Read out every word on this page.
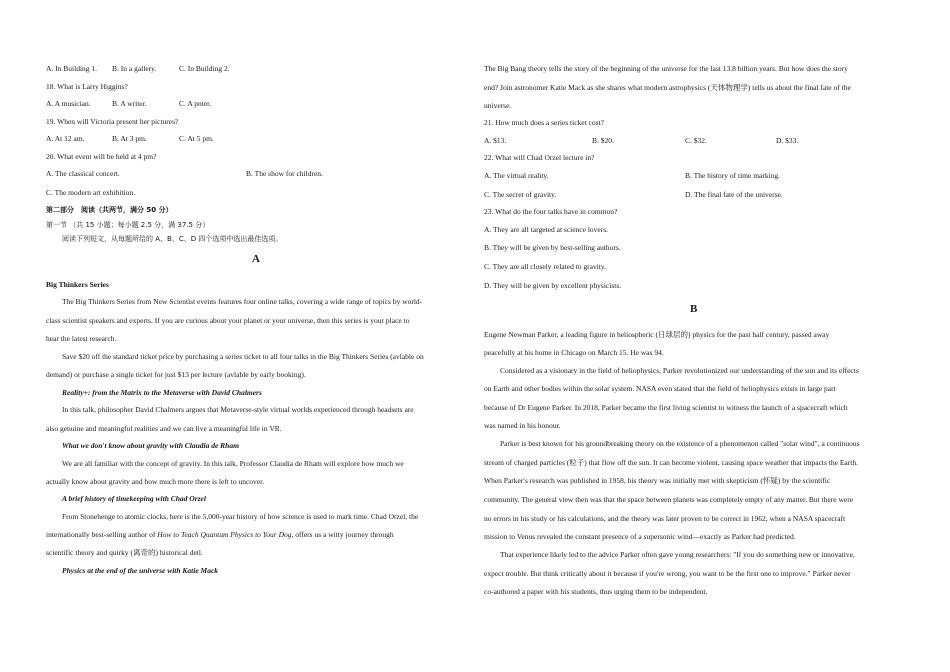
A. In Building 1. B. In a gallery.	C. In Building 2.
18. What is Larry Higgins?
A. A musician.	B. A writer.	C. A pnter.
19. When will Victoria present her pictures?
A. At 12 am.	B. At 3 pm.	C. At 5 pm.
20. What event will be held at 4 pm?
A. The classical concert.	B. The show for children.
C. The modern art exhibition.
第二部分　阅读（共两节，满分 50 分）
第一节 （共 15 小题；每小题 2.5 分，满 37.5 分）
阅读下列短文，从每题所给的 A、B、C、D 四个选项中选出最佳选项。
A
Big Thinkers Series
The Big Thinkers Series from New Scientist events features four online talks, covering a wide range of topics by world-
class scientist speakers and experts. If you are curious about your planet or your universe, then this series is your place to
hear the latest research.
Save $20 off the standard ticket price by purchasing a series ticket to all four talks in the Big Thinkers Series (avlable on
demand) or purchase a single ticket for just $13 per lecture (avlable by early booking).
Reality+: from the Matrix to the Metaverse with David Chalmers
In this talk, philosopher David Chalmers argues that Metaverse-style virtual worlds experienced through headsets are
also genuine and meaningful realities and we can live a meaningful life in VR.
What we don′t know about gravity with Claudia de Rham
We are all familiar with the concept of gravity. In this talk, Professor Claudia de Rham will explore how much we
actually know about gravity and how much more there is left to uncover.
A brief history of timekeeping with Chad Orzel
From Stonehenge to atomic clocks, here is the 5,000-year history of how science is used to mark time. Chad Orzel, the
internationally best-selling author of How to Teach Quantum Physics to Your Dog, offers us a witty journey through
scientific theory and quirky (离奇的) historical detl.
Physics at the end of the universe with Katie Mack
The Big Bang theory tells the story of the beginning of the universe for the last 13.8 billion years. But how does the story
end? Join astronomer Katie Mack as she shares what modern astrophysics (天体物理学) tells us about the final fate of the
universe.
21. How much does a series ticket cost?
A. $13.	B. $20.	C. $32.	D. $33.
22. What will Chad Orzel lecture in?
A. The virtual reality.	B. The history of time marking.
C. The secret of gravity.	D. The final fate of the universe.
23. What do the four talks have in common?
A. They are all targeted at science lovers.
B. They will be given by best-selling authors.
C. They are all closely related to gravity.
D. They will be given by excellent physicists.
B
Eugene Newman Parker, a leading figure in heliospheric (日球层的) physics for the past half century, passed away
peacefully at his home in Chicago on March 15. He was 94.
Considered as a visionary in the field of heliophysics, Parker revolutionized our understanding of the sun and its effects
on Earth and other bodies within the solar system. NASA even stated that the field of heliophysics exists in large part
because of Dr Eugene Parker. In 2018, Parker became the first living scientist to witness the launch of a spacecraft which
was named in his honour.
Parker is best known for his groundbreaking theory on the existence of a phenomenon called "solar wind", a continuous
stream of charged particles (粒子) that flow off the sun. It can become violent, causing space weather that impacts the Earth.
When Parker′s research was published in 1958, his theory was initially met with skepticism (怀疑) by the scientific
community. The general view then was that the space between planets was completely empty of any matter. But there were
no errors in his study or his calculations, and the theory was later proven to be correct in 1962, when a NASA spacecraft
mission to Venus revealed the constant presence of a supersonic wind—exactly as Parker had predicted.
That experience likely led to the advice Parker often gave young researchers: "If you do something new or innovative,
expect trouble. But think critically about it because if you′re wrong, you want to be the first one to improve." Parker never
co-authored a paper with his students, thus urging them to be independent.
